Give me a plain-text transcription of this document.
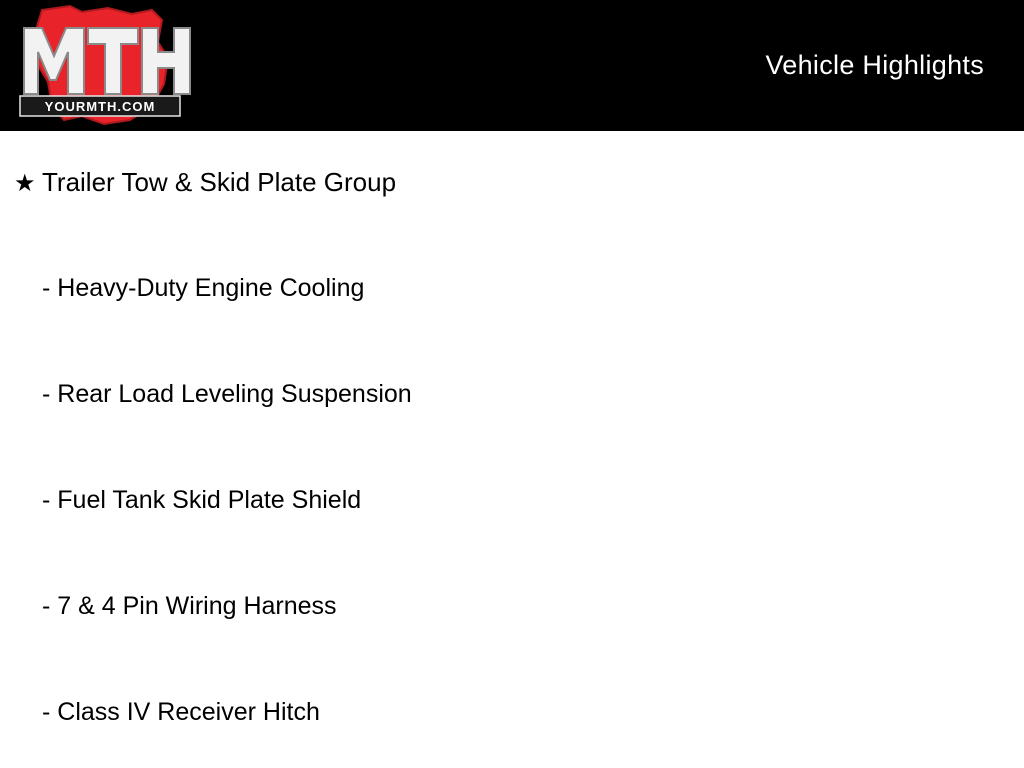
YOURMTH.COM
Vehicle Highlights
★ Trailer Tow & Skid Plate Group
- Heavy-Duty Engine Cooling
- Rear Load Leveling Suspension
- Fuel Tank Skid Plate Shield
- 7 & 4 Pin Wiring Harness
- Class IV Receiver Hitch
